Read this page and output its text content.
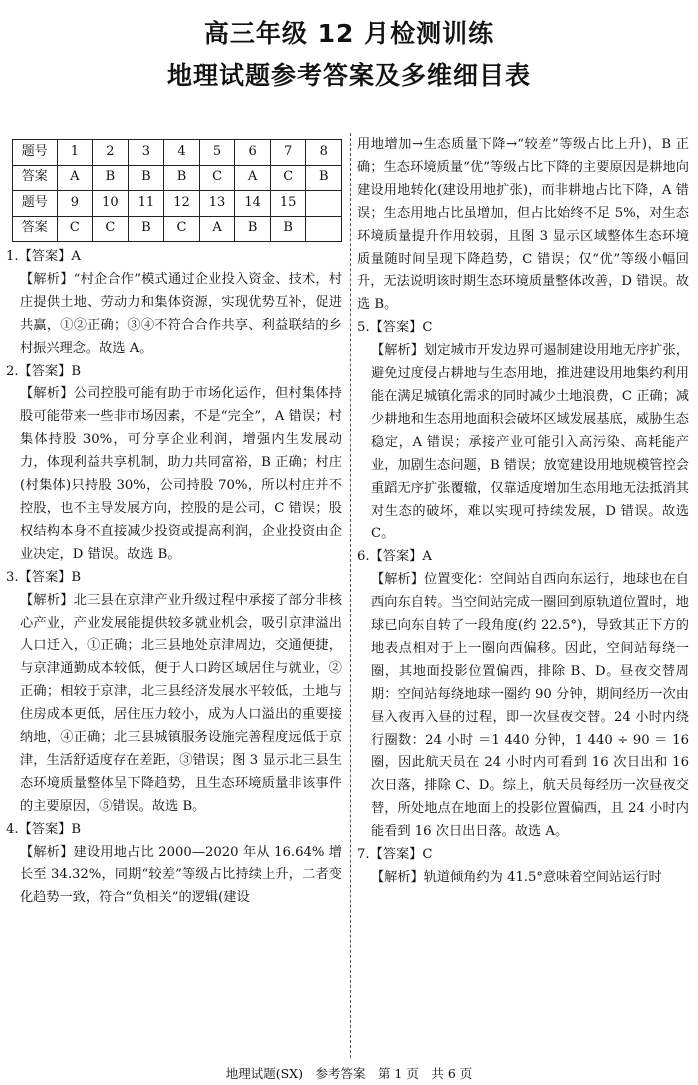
高三年级 12 月检测训练
地理试题参考答案及多维细目表
题号	1	2	3	4	5	6	7	8
答案	A	B	B	B	C	A	C	B
题号	9	10	11	12	13	14	15	
答案	C	C	B	C	A	B	B	
1.【答案】A
【解析】“村企合作”模式通过企业投入资金、技术，村庄提供土地、劳动力和集体资源，实现优势互补，促进共赢，①②正确；③④不符合合作共享、利益联结的乡村振兴理念。故选 A。
2.【答案】B
【解析】公司控股可能有助于市场化运作，但村集体持股可能带来一些非市场因素，不是“完全”，A 错误；村集体持股 30%，可分享企业利润，增强内生发展动力，体现利益共享机制，助力共同富裕，B 正确；村庄(村集体)只持股 30%，公司持股 70%，所以村庄并不控股，也不主导发展方向，控股的是公司，C 错误；股权结构本身不直接减少投资或提高利润，企业投资由企业决定，D 错误。故选 B。
3.【答案】B
【解析】北三县在京津产业升级过程中承接了部分非核心产业，产业发展能提供较多就业机会，吸引京津溢出人口迁入，①正确；北三县地处京津周边，交通便捷，与京津通勤成本较低，便于人口跨区域居住与就业，②正确；相较于京津，北三县经济发展水平较低，土地与住房成本更低，居住压力较小，成为人口溢出的重要接纳地，④正确；北三县城镇服务设施完善程度远低于京津，生活舒适度存在差距，③错误；图 3 显示北三县生态环境质量整体呈下降趋势，且生态环境质量非该事件的主要原因，⑤错误。故选 B。
4.【答案】B
【解析】建设用地占比 2000—2020 年从 16.64% 增长至 34.32%，同期“较差”等级占比持续上升，二者变化趋势一致，符合“负相关”的逻辑(建设
用地增加→生态质量下降→“较差”等级占比上升)，B 正确；生态环境质量“优”等级占比下降的主要原因是耕地向建设用地转化(建设用地扩张)，而非耕地占比下降，A 错误；生态用地占比虽增加，但占比始终不足 5%，对生态环境质量提升作用较弱，且图 3 显示区域整体生态环境质量随时间呈现下降趋势，C 错误；仅“优”等级小幅回升，无法说明该时期生态环境质量整体改善，D 错误。故选 B。
5.【答案】C
【解析】划定城市开发边界可遏制建设用地无序扩张，避免过度侵占耕地与生态用地，推进建设用地集约利用能在满足城镇化需求的同时减少土地浪费，C 正确；减少耕地和生态用地面积会破坏区域发展基底，威胁生态稳定，A 错误；承接产业可能引入高污染、高耗能产业，加剧生态问题，B 错误；放宽建设用地规模管控会重蹈无序扩张覆辙，仅靠适度增加生态用地无法抵消其对生态的破坏，难以实现可持续发展，D 错误。故选 C。
6.【答案】A
【解析】位置变化：空间站自西向东运行，地球也在自西向东自转。当空间站完成一圈回到原轨道位置时，地球已向东自转了一段角度(约 22.5°)，导致其正下方的地表点相对于上一圈向西偏移。因此，空间站每绕一圈，其地面投影位置偏西，排除 B、D。昼夜交替周期：空间站每绕地球一圈约 90 分钟，期间经历一次由昼入夜再入昼的过程，即一次昼夜交替。24 小时内绕行圈数：24 小时 ＝1 440 分钟，1 440 ÷ 90 ＝ 16 圈，因此航天员在 24 小时内可看到 16 次日出和 16 次日落，排除 C、D。综上，航天员每经历一次昼夜交替，所处地点在地面上的投影位置偏西，且 24 小时内能看到 16 次日出日落。故选 A。
7.【答案】C
【解析】轨道倾角约为 41.5°意味着空间站运行时
地理试题(SX)　参考答案　第 1 页　共 6 页
